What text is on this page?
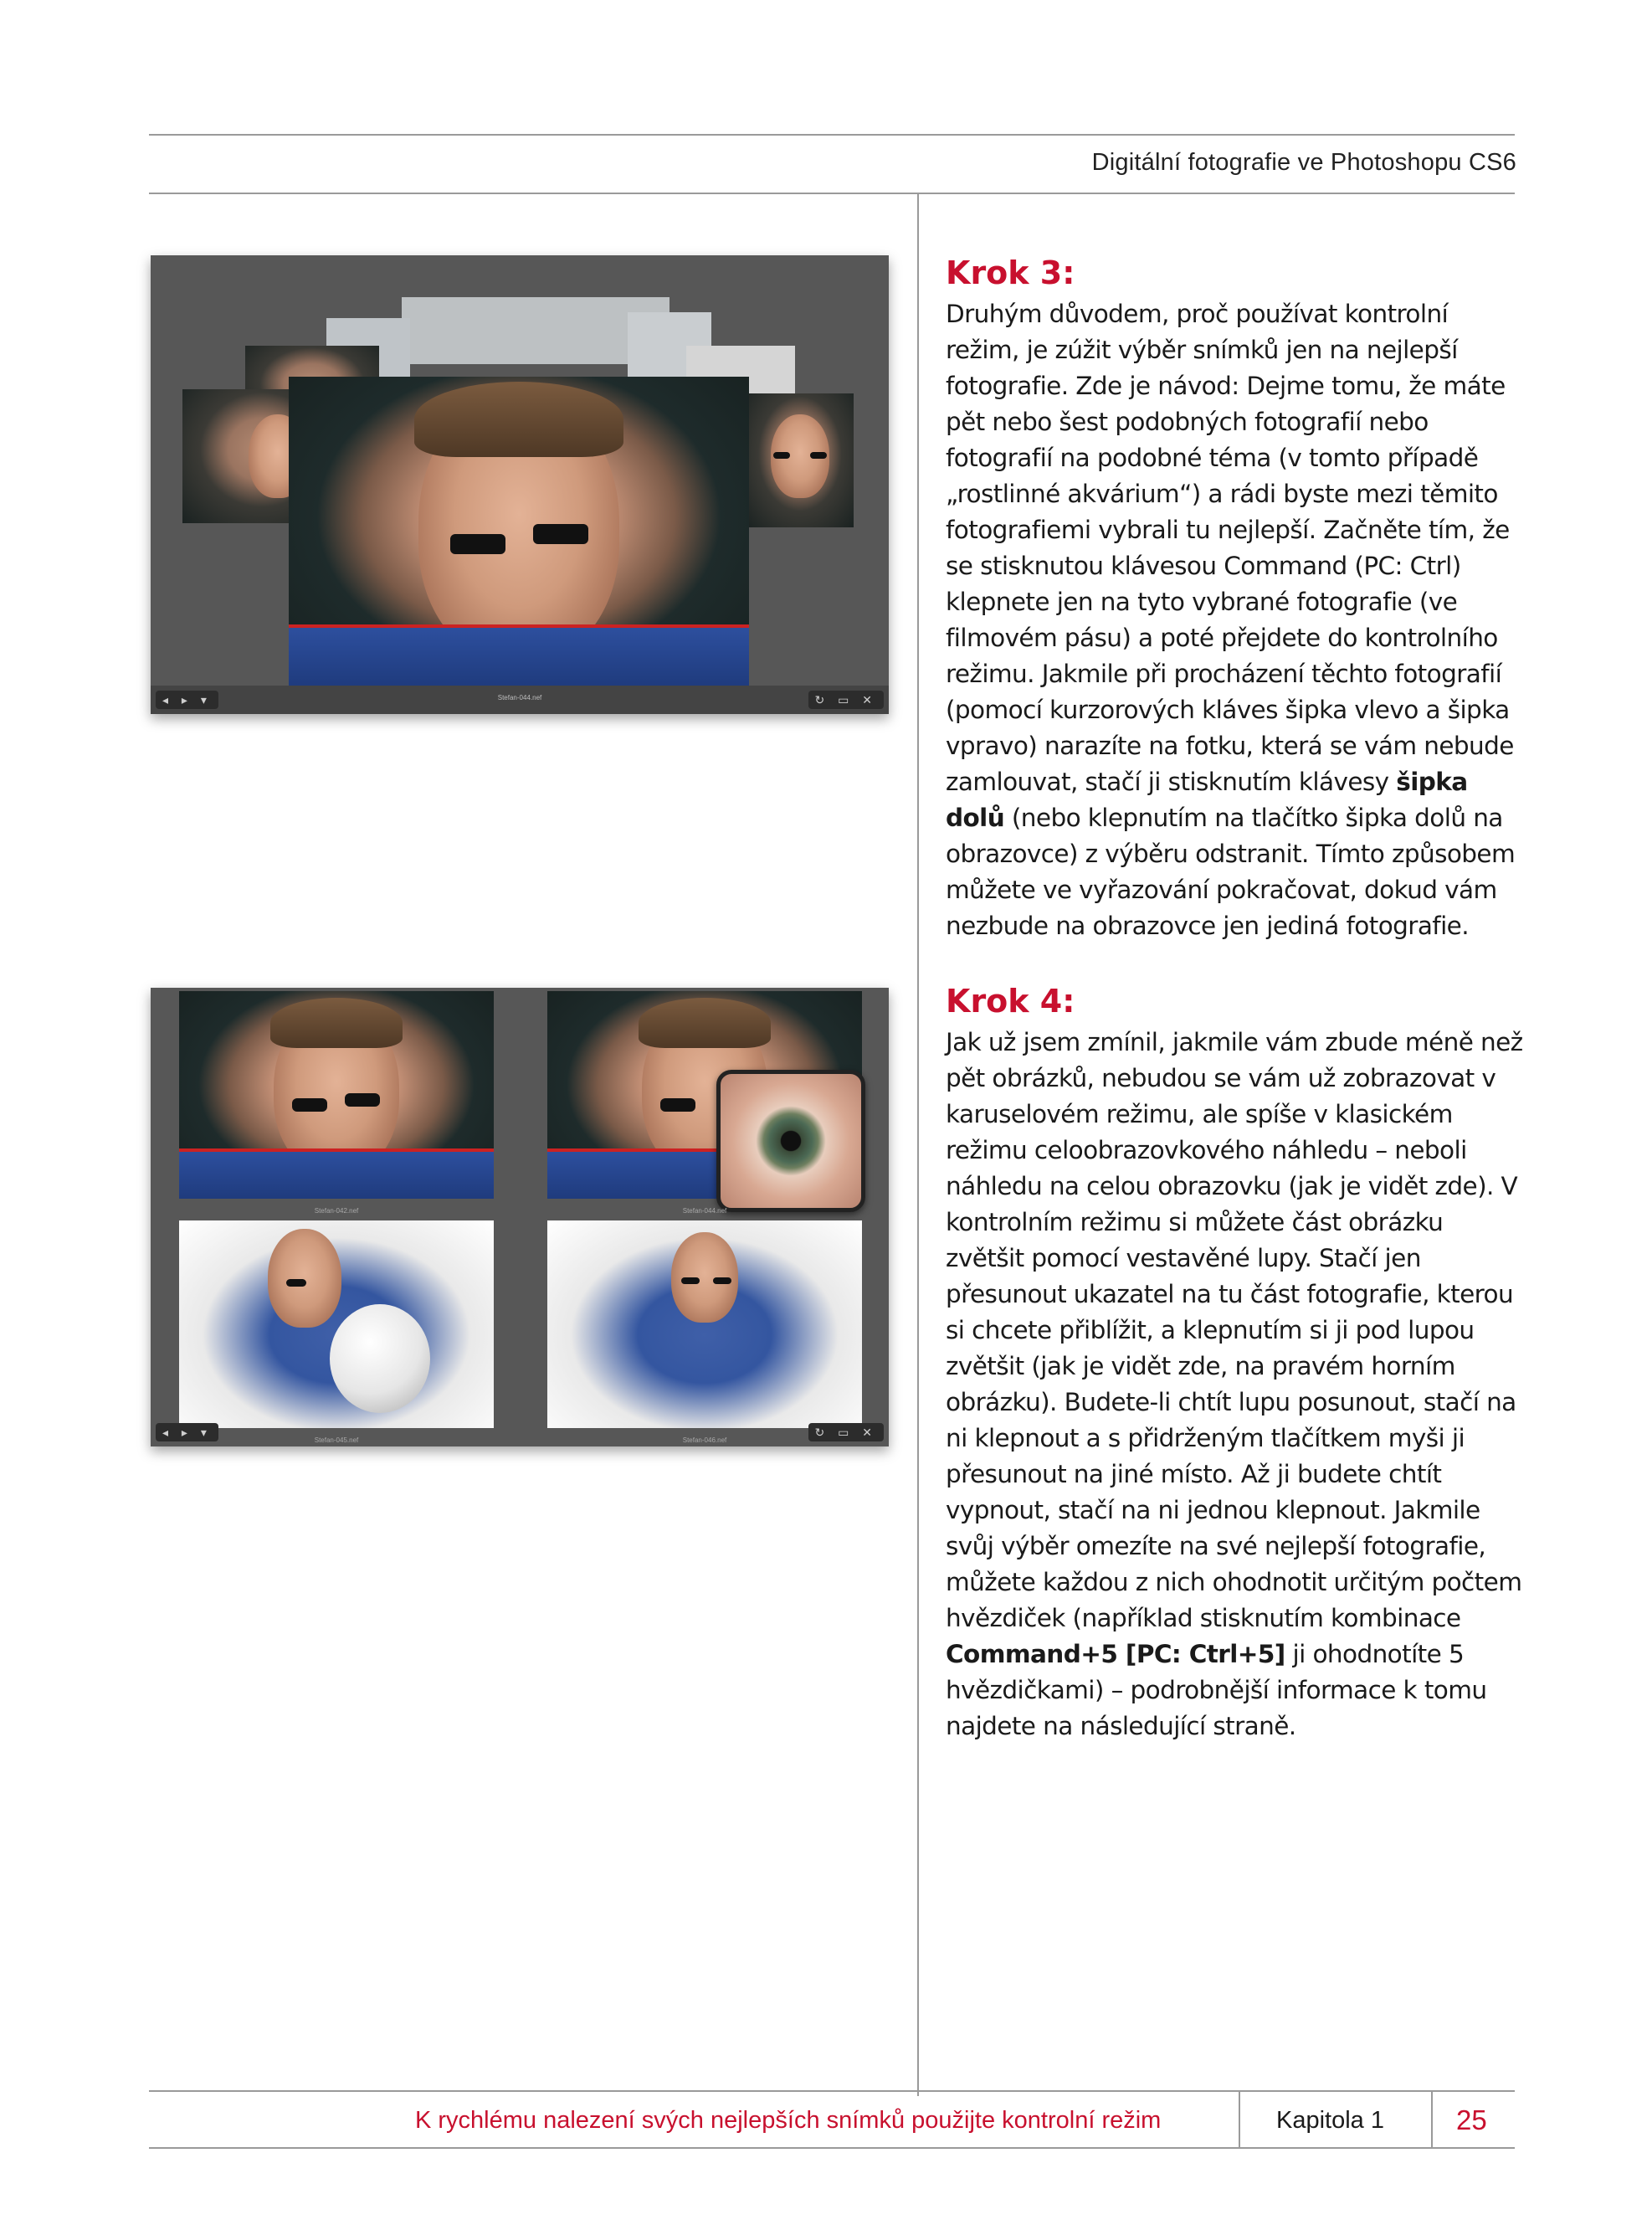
Digitální fotografie ve Photoshopu CS6
◂ ▸ ▾	Stefan-044.nef	↻ ▭ ✕
Stefan-042.nef	Stefan-044.nef
Stefan-045.nef	Stefan-046.nef
◂ ▸ ▾	↻ ▭ ✕
Krok 3:

Druhým důvodem, proč používat kontrolní režim, je zúžit výběr snímků jen na nejlepší fotografie. Zde je návod: Dejme tomu, že máte pět nebo šest podobných fotografií nebo fotografií na podobné téma (v tomto případě „rostlinné akvárium“) a rádi byste mezi těmito fotografiemi vybrali tu nejlepší. Začněte tím, že se stisknutou klávesou Command (PC: Ctrl) klepnete jen na tyto vybrané fotografie (ve filmovém pásu) a poté přejdete do kontrolního režimu. Jakmile při procházení těchto fotografií (pomocí kurzorových kláves šipka vlevo a šipka vpravo) narazíte na fotku, která se vám nebude zamlouvat, stačí ji stisknutím klávesy šipka dolů (nebo klepnutím na tlačítko šipka dolů na obrazovce) z výběru odstranit. Tímto způsobem můžete ve vyřazování pokračovat, dokud vám nezbude na obrazovce jen jediná fotografie.

Krok 4:

Jak už jsem zmínil, jakmile vám zbude méně než pět obrázků, nebudou se vám už zobrazovat v karuselovém režimu, ale spíše v klasickém režimu celoobrazovkového náhledu – neboli náhledu na celou obrazovku (jak je vidět zde). V kontrolním režimu si můžete část obrázku zvětšit pomocí vestavěné lupy. Stačí jen přesunout ukazatel na tu část fotografie, kterou si chcete přiblížit, a klepnutím si ji pod lupou zvětšit (jak je vidět zde, na pravém horním obrázku). Budete-li chtít lupu posunout, stačí na ni klepnout a s přidrženým tlačítkem myši ji přesunout na jiné místo. Až ji budete chtít vypnout, stačí na ni jednou klepnout. Jakmile svůj výběr omezíte na své nejlepší fotografie, můžete každou z nich ohodnotit určitým počtem hvězdiček (například stisknutím kombinace Command+5 [PC: Ctrl+5] ji ohodnotíte 5 hvězdičkami) – podrobnější informace k tomu najdete na následující straně.

K rychlému nalezení svých nejlepších snímků použijte kontrolní režim	Kapitola 1	25
